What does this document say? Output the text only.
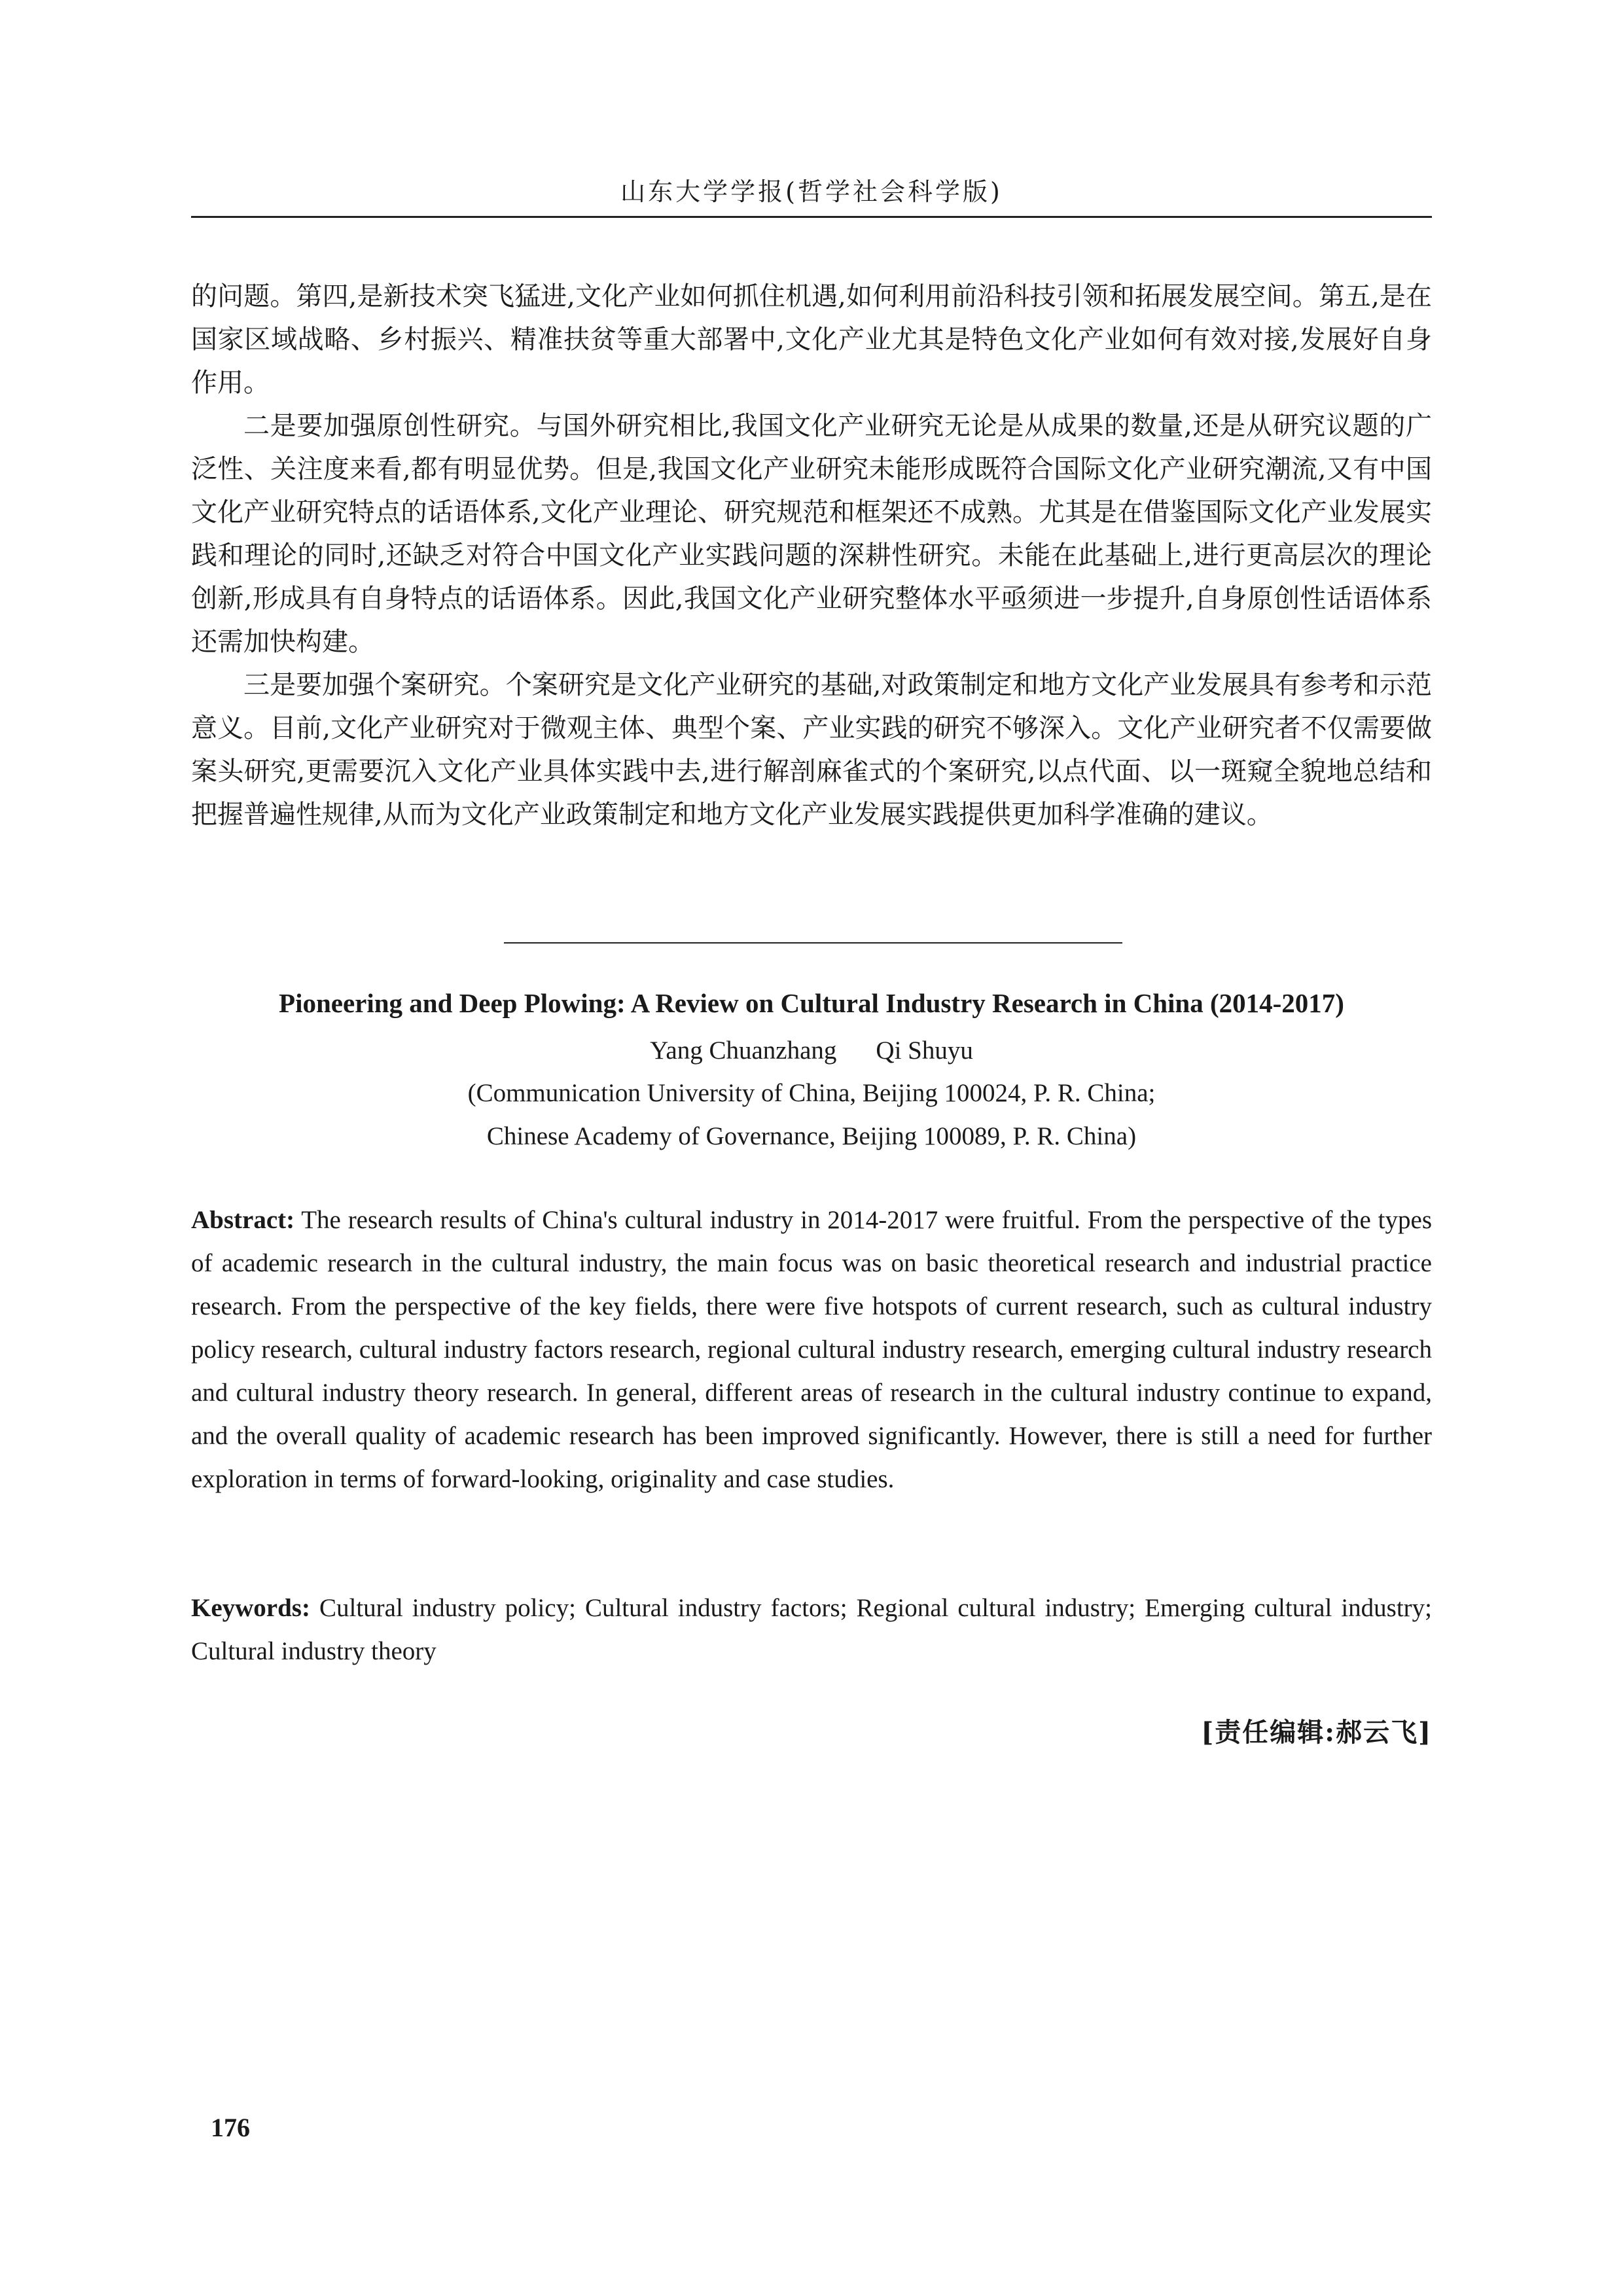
山东大学学报(哲学社会科学版)

的问题。第四,是新技术突飞猛进,文化产业如何抓住机遇,如何利用前沿科技引领和拓展发展空间。第五,是在国家区域战略、乡村振兴、精准扶贫等重大部署中,文化产业尤其是特色文化产业如何有效对接,发展好自身作用。

二是要加强原创性研究。与国外研究相比,我国文化产业研究无论是从成果的数量,还是从研究议题的广泛性、关注度来看,都有明显优势。但是,我国文化产业研究未能形成既符合国际文化产业研究潮流,又有中国文化产业研究特点的话语体系,文化产业理论、研究规范和框架还不成熟。尤其是在借鉴国际文化产业发展实践和理论的同时,还缺乏对符合中国文化产业实践问题的深耕性研究。未能在此基础上,进行更高层次的理论创新,形成具有自身特点的话语体系。因此,我国文化产业研究整体水平亟须进一步提升,自身原创性话语体系还需加快构建。

三是要加强个案研究。个案研究是文化产业研究的基础,对政策制定和地方文化产业发展具有参考和示范意义。目前,文化产业研究对于微观主体、典型个案、产业实践的研究不够深入。文化产业研究者不仅需要做案头研究,更需要沉入文化产业具体实践中去,进行解剖麻雀式的个案研究,以点代面、以一斑窥全貌地总结和把握普遍性规律,从而为文化产业政策制定和地方文化产业发展实践提供更加科学准确的建议。

Pioneering and Deep Plowing: A Review on Cultural Industry Research in China (2014-2017)
Yang Chuanzhang Qi Shuyu
(Communication University of China, Beijing 100024, P. R. China;
Chinese Academy of Governance, Beijing 100089, P. R. China)
Abstract: The research results of China's cultural industry in 2014-2017 were fruitful. From the perspective of the types of academic research in the cultural industry, the main focus was on basic theoretical research and industrial practice research. From the perspective of the key fields, there were five hotspots of current research, such as cultural industry policy research, cultural industry factors research, regional cultural industry research, emerging cultural industry research and cultural industry theory research. In general, different areas of research in the cultural industry continue to expand, and the overall quality of academic research has been improved significantly. However, there is still a need for further exploration in terms of forward-looking, originality and case studies.
Keywords: Cultural industry policy; Cultural industry factors; Regional cultural industry; Emerging cultural industry; Cultural industry theory
[责任编辑:郝云飞]
176
